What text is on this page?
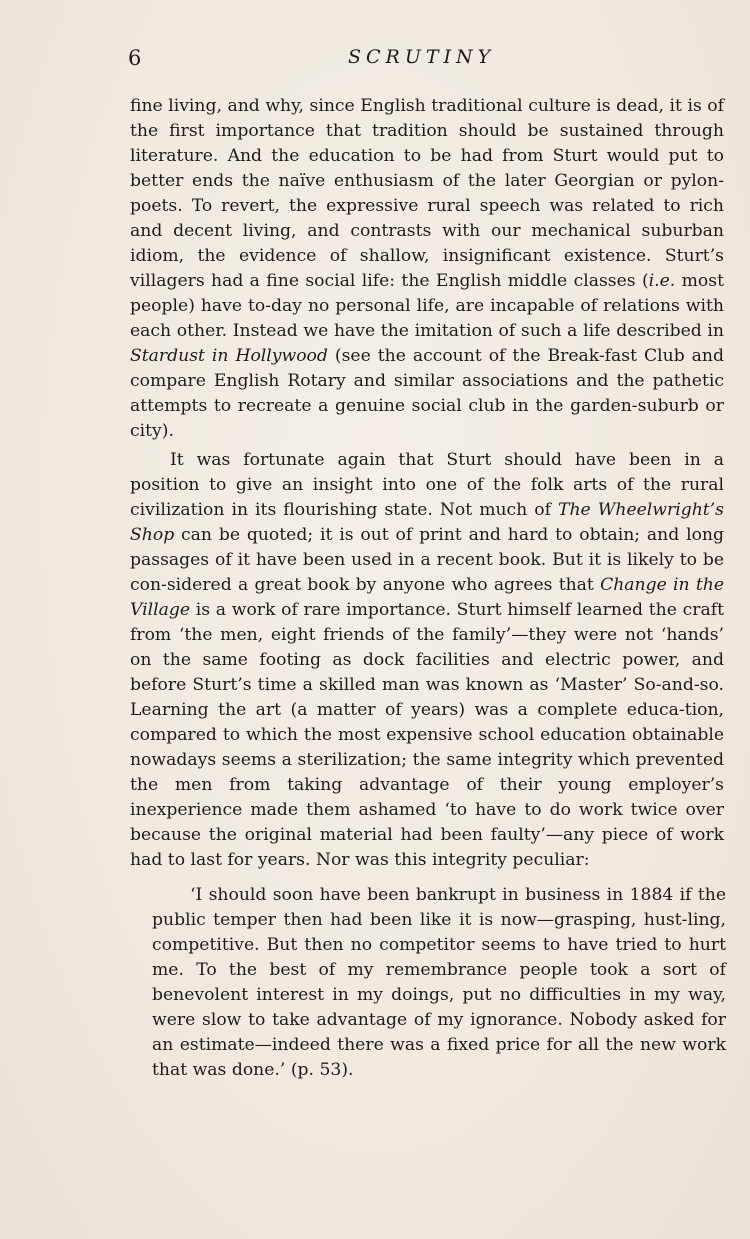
6	SCRUTINY

fine living, and why, since English traditional culture is dead, it is of the first importance that tradition should be sustained through literature. And the education to be had from Sturt would put to better ends the naïve enthusiasm of the later Georgian or pylon-poets. To revert, the expressive rural speech was related to rich and decent living, and contrasts with our mechanical suburban idiom, the evidence of shallow, insignificant existence. Sturt’s villagers had a fine social life: the English middle classes (i.e. most people) have to-day no personal life, are incapable of relations with each other. Instead we have the imitation of such a life described in Stardust in Hollywood (see the account of the Break-fast Club and compare English Rotary and similar associations and the pathetic attempts to recreate a genuine social club in the garden-suburb or city).

It was fortunate again that Sturt should have been in a position to give an insight into one of the folk arts of the rural civilization in its flourishing state. Not much of The Wheelwright’s Shop can be quoted; it is out of print and hard to obtain; and long passages of it have been used in a recent book. But it is likely to be con-sidered a great book by anyone who agrees that Change in the Village is a work of rare importance. Sturt himself learned the craft from ‘the men, eight friends of the family’—they were not ‘hands’ on the same footing as dock facilities and electric power, and before Sturt’s time a skilled man was known as ‘Master’ So-and-so. Learning the art (a matter of years) was a complete educa-tion, compared to which the most expensive school education obtainable nowadays seems a sterilization; the same integrity which prevented the men from taking advantage of their young employer’s inexperience made them ashamed ‘to have to do work twice over because the original material had been faulty’—any piece of work had to last for years. Nor was this integrity peculiar:

‘I should soon have been bankrupt in business in 1884 if the public temper then had been like it is now—grasping, hust-ling, competitive. But then no competitor seems to have tried to hurt me. To the best of my remembrance people took a sort of benevolent interest in my doings, put no difficulties in my way, were slow to take advantage of my ignorance. Nobody asked for an estimate—indeed there was a fixed price for all the new work that was done.’ (p. 53).
